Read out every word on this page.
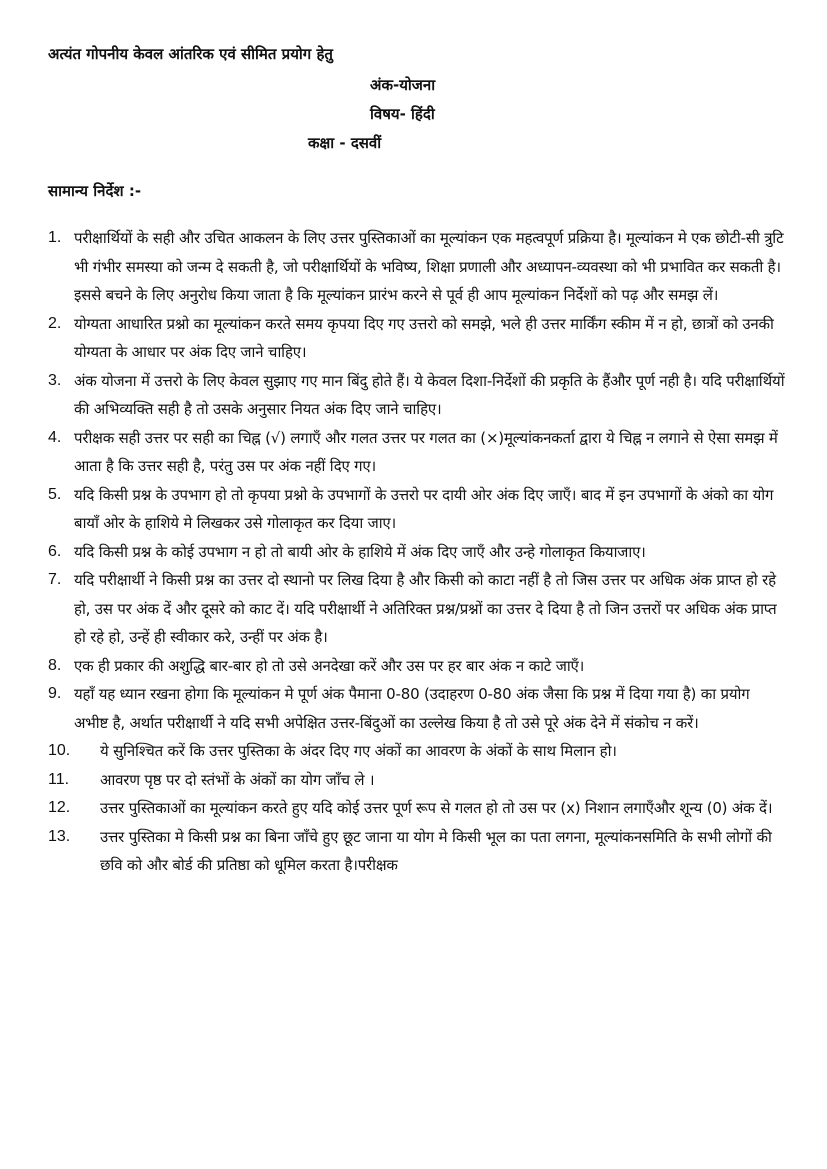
अत्यंत गोपनीय केवल आंतरिक एवं सीमित प्रयोग हेतु
अंक-योजना
विषय- हिंदी
कक्षा - दसवीं
सामान्य निर्देश :-
1. परीक्षार्थियों के सही और उचित आकलन के लिए उत्तर पुस्तिकाओं का मूल्यांकन एक महत्वपूर्ण प्रक्रिया है। मूल्यांकन मे एक छोटी-सी त्रुटि भी गंभीर समस्या को जन्म दे सकती है, जो परीक्षार्थियों के भविष्य, शिक्षा प्रणाली और अध्यापन-व्यवस्था को भी प्रभावित कर सकती है। इससे बचने के लिए अनुरोध किया जाता है कि मूल्यांकन प्रारंभ करने से पूर्व ही आप मूल्यांकन निर्देशों को पढ़ और समझ लें।
2. योग्यता आधारित प्रश्नो का मूल्यांकन करते समय कृपया दिए गए उत्तरो को समझे, भले ही उत्तर मार्किंग स्कीम में न हो, छात्रों को उनकी योग्यता के आधार पर अंक दिए जाने चाहिए।
3. अंक योजना में उत्तरो के लिए केवल सुझाए गए मान बिंदु होते हैं। ये केवल दिशा-निर्देशों की प्रकृति के हैंऔर पूर्ण नही है। यदि परीक्षार्थियों की अभिव्यक्ति सही है तो उसके अनुसार नियत अंक दिए जाने चाहिए।
4. परीक्षक सही उत्तर पर सही का चिह्न (√) लगाएँ और गलत उत्तर पर गलत का (×)मूल्यांकनकर्ता द्वारा ये चिह्न न लगाने से ऐसा समझ में आता है कि उत्तर सही है, परंतु उस पर अंक नहीं दिए गए।
5. यदि किसी प्रश्न के उपभाग हो तो कृपया प्रश्नो के उपभागों के उत्तरो पर दायी ओर अंक दिए जाएँ। बाद में इन उपभागों के अंको का योग बायाँ ओर के हाशिये मे लिखकर उसे गोलाकृत कर दिया जाए।
6. यदि किसी प्रश्न के कोई उपभाग न हो तो बायी ओर के हाशिये में अंक दिए जाएँ और उन्हे गोलाकृत कियाजाए।
7. यदि परीक्षार्थी ने किसी प्रश्न का उत्तर दो स्थानो पर लिख दिया है और किसी को काटा नहीं है तो जिस उत्तर पर अधिक अंक प्राप्त हो रहे हो, उस पर अंक दें और दूसरे को काट दें। यदि परीक्षार्थी ने अतिरिक्त प्रश्न/प्रश्नों का उत्तर दे दिया है तो जिन उत्तरों पर अधिक अंक प्राप्त हो रहे हो, उन्हें ही स्वीकार करे, उन्हीं पर अंक है।
8. एक ही प्रकार की अशुद्धि बार-बार हो तो उसे अनदेखा करें और उस पर हर बार अंक न काटे जाएँ।
9. यहाँ यह ध्यान रखना होगा कि मूल्यांकन मे पूर्ण अंक पैमाना 0-80 (उदाहरण 0-80 अंक जैसा कि प्रश्न में दिया गया है) का प्रयोग अभीष्ट है, अर्थात परीक्षार्थी ने यदि सभी अपेक्षित उत्तर-बिंदुओं का उल्लेख किया है तो उसे पूरे अंक देने में संकोच न करें।
10.	ये सुनिश्चित करें कि उत्तर पुस्तिका के अंदर दिए गए अंकों का आवरण के अंकों के साथ मिलान हो।
11.	आवरण पृष्ठ पर दो स्तंभों के अंकों का योग जाँच ले ।
12.	उत्तर पुस्तिकाओं का मूल्यांकन करते हुए यदि कोई उत्तर पूर्ण रूप से गलत हो तो उस पर (x) निशान लगाएँऔर शून्य (0) अंक दें।
13.	उत्तर पुस्तिका मे किसी प्रश्न का बिना जाँचे हुए छूट जाना या योग मे किसी भूल का पता लगना, मूल्यांकनसमिति के सभी लोगों की छवि को और बोर्ड की प्रतिष्ठा को धूमिल करता है।परीक्षक
